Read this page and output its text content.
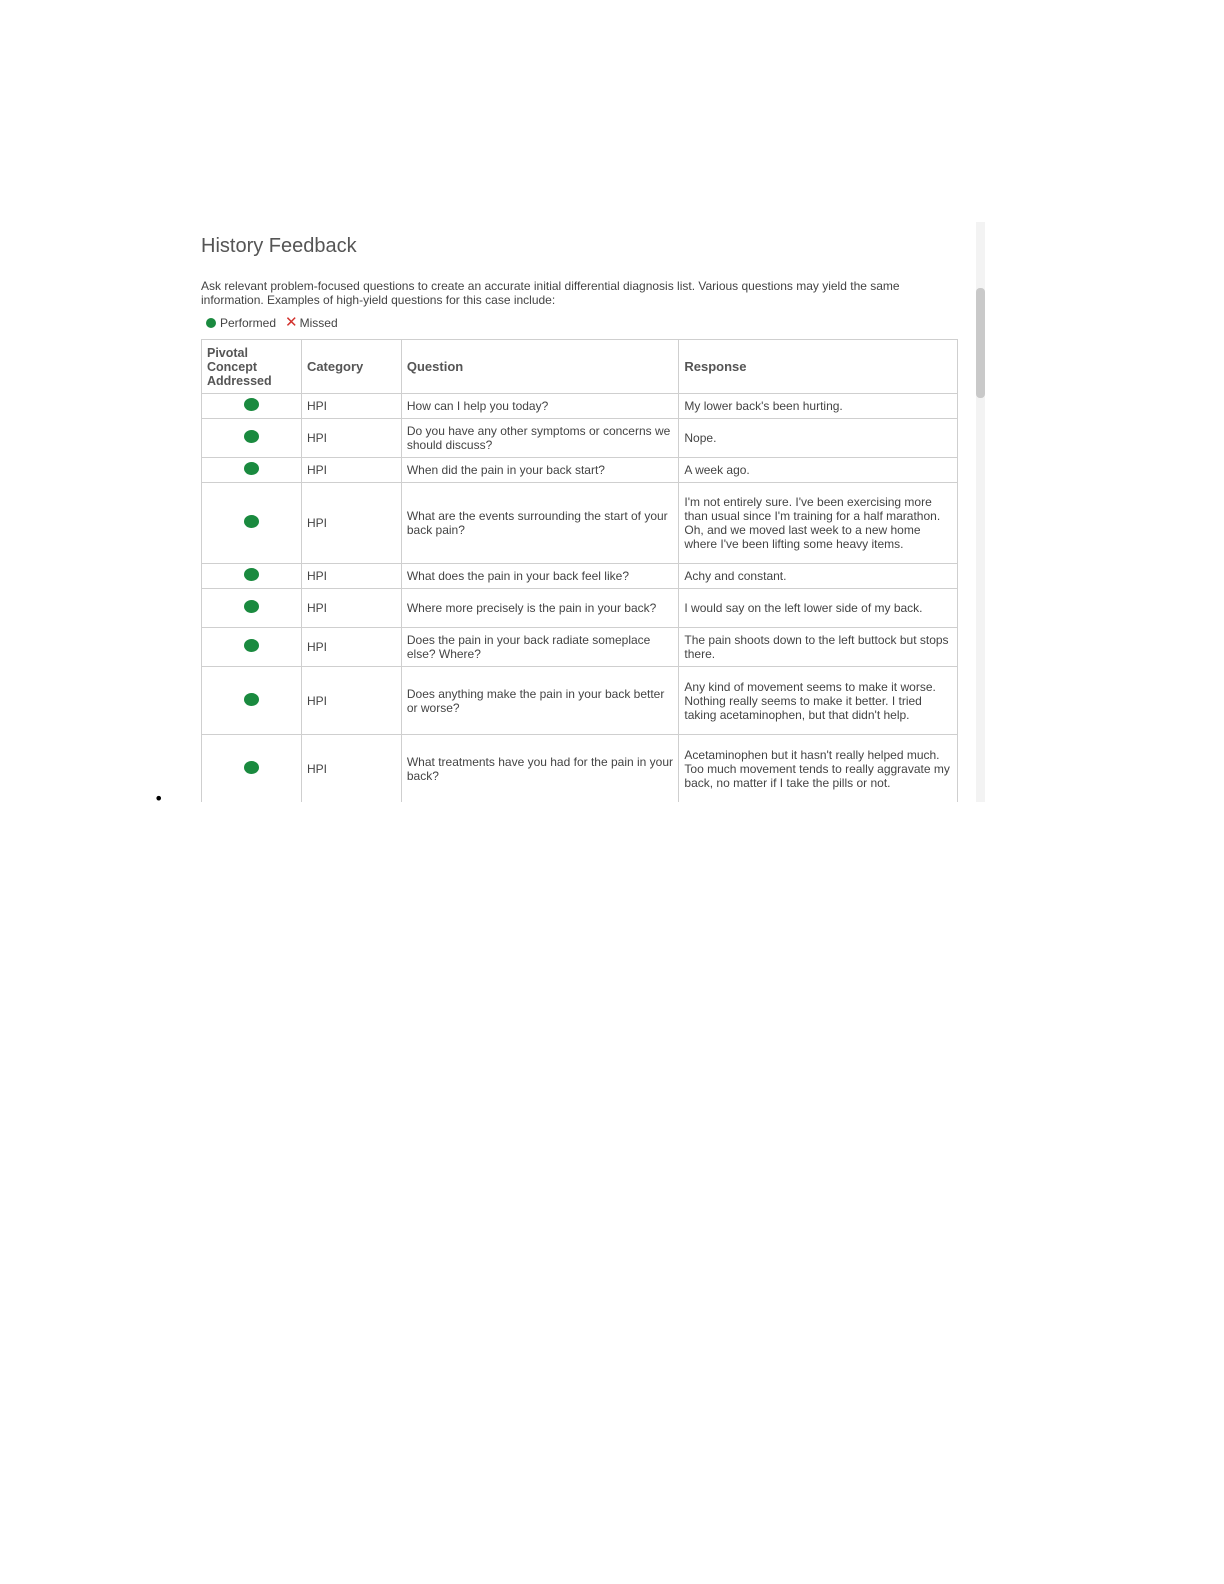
•
History Feedback

Ask relevant problem-focused questions to create an accurate initial differential diagnosis list. Various questions may yield the same information. Examples of high-yield questions for this case include:

Performed ✕ Missed
Pivotal Concept Addressed	Category	Question	Response
	HPI	How can I help you today?	My lower back's been hurting.
	HPI	Do you have any other symptoms or concerns we should discuss?	Nope.
	HPI	When did the pain in your back start?	A week ago.
	HPI	What are the events surrounding the start of your back pain?	I'm not entirely sure. I've been exercising more than usual since I'm training for a half marathon. Oh, and we moved last week to a new home where I've been lifting some heavy items.
	HPI	What does the pain in your back feel like?	Achy and constant.
	HPI	Where more precisely is the pain in your back?	I would say on the left lower side of my back.
	HPI	Does the pain in your back radiate someplace else? Where?	The pain shoots down to the left buttock but stops there.
	HPI	Does anything make the pain in your back better or worse?	Any kind of movement seems to make it worse. Nothing really seems to make it better. I tried taking acetaminophen, but that didn't help.
	HPI	What treatments have you had for the pain in your back?	Acetaminophen but it hasn't really helped much. Too much movement tends to really aggravate my back, no matter if I take the pills or not.
